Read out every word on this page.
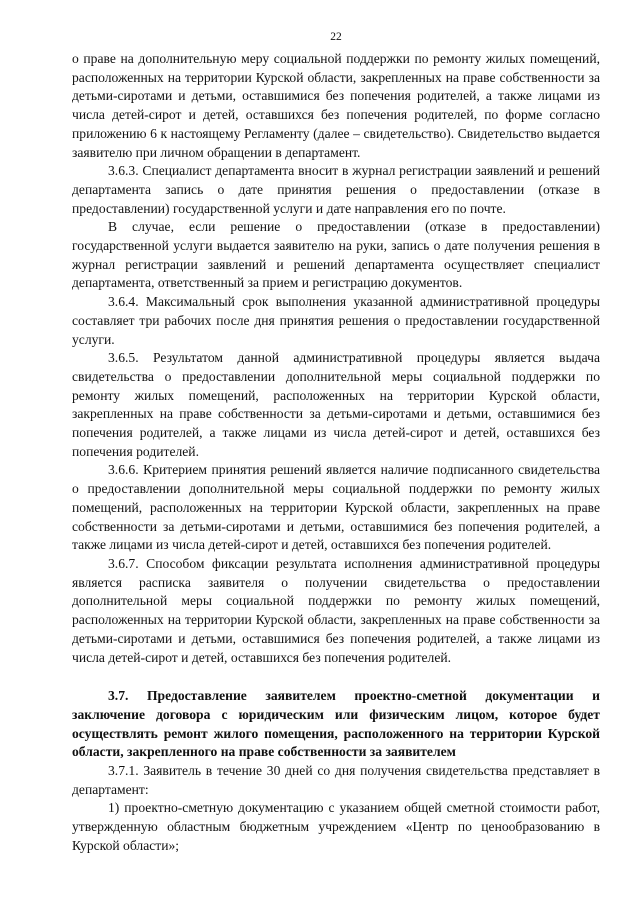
22

о праве на дополнительную меру социальной поддержки по ремонту жилых помещений, расположенных на территории Курской области, закрепленных на праве собственности за детьми-сиротами и детьми, оставшимися без попечения родителей, а также лицами из числа детей-сирот и детей, оставшихся без попечения родителей, по форме согласно приложению 6 к настоящему Регламенту (далее – свидетельство). Свидетельство выдается заявителю при личном обращении в департамент.

3.6.3. Специалист департамента вносит в журнал регистрации заявлений и решений департамента запись о дате принятия решения о предоставлении (отказе в предоставлении) государственной услуги и дате направления его по почте.

В случае, если решение о предоставлении (отказе в предоставлении) государственной услуги выдается заявителю на руки, запись о дате получения решения в журнал регистрации заявлений и решений департамента осуществляет специалист департамента, ответственный за прием и регистрацию документов.

3.6.4. Максимальный срок выполнения указанной административной процедуры составляет три рабочих после дня принятия решения о предоставлении государственной услуги.

3.6.5. Результатом данной административной процедуры является выдача свидетельства о предоставлении дополнительной меры социальной поддержки по ремонту жилых помещений, расположенных на территории Курской области, закрепленных на праве собственности за детьми-сиротами и детьми, оставшимися без попечения родителей, а также лицами из числа детей-сирот и детей, оставшихся без попечения родителей.

3.6.6. Критерием принятия решений является наличие подписанного свидетельства о предоставлении дополнительной меры социальной поддержки по ремонту жилых помещений, расположенных на территории Курской области, закрепленных на праве собственности за детьми-сиротами и детьми, оставшимися без попечения родителей, а также лицами из числа детей-сирот и детей, оставшихся без попечения родителей.

3.6.7. Способом фиксации результата исполнения административной процедуры является расписка заявителя о получении свидетельства о предоставлении дополнительной меры социальной поддержки по ремонту жилых помещений, расположенных на территории Курской области, закрепленных на праве собственности за детьми-сиротами и детьми, оставшимися без попечения родителей, а также лицами из числа детей-сирот и детей, оставшихся без попечения родителей.

3.7. Предоставление заявителем проектно-сметной документации и заключение договора с юридическим или физическим лицом, которое будет осуществлять ремонт жилого помещения, расположенного на территории Курской области, закрепленного на праве собственности за заявителем

3.7.1. Заявитель в течение 30 дней со дня получения свидетельства представляет в департамент:

1) проектно-сметную документацию с указанием общей сметной стоимости работ, утвержденную областным бюджетным учреждением «Центр по ценообразованию в Курской области»;
